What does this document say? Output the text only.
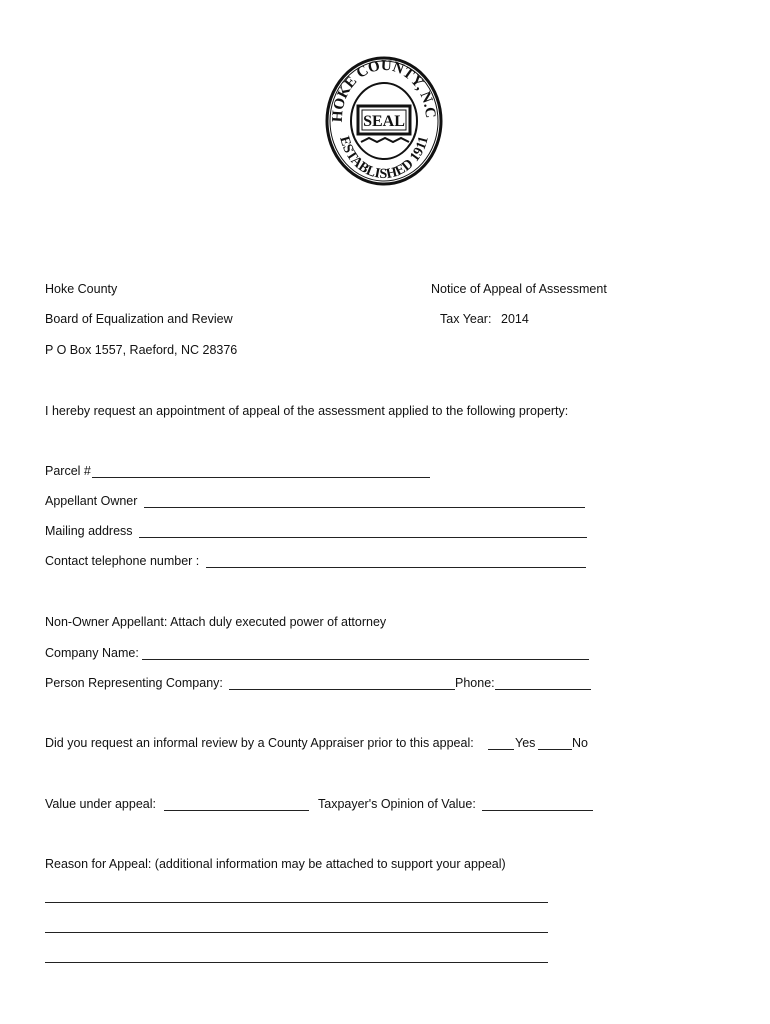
HOKE COUNTY, N.C
ESTABLISHED 1911
SEAL
Hoke County
Board of Equalization and Review
P O Box 1557, Raeford, NC 28376
Notice of Appeal of Assessment
Tax Year: 2014
I hereby request an appointment of appeal of the assessment applied to the following property:
Parcel #
Appellant Owner
Mailing address
Contact telephone number :
Non-Owner Appellant: Attach duly executed power of attorney
Company Name:
Person Representing Company:	Phone:
Did you request an informal review by a County Appraiser prior to this appeal:	Yes	No
Value under appeal:	Taxpayer's Opinion of Value:
Reason for Appeal: (additional information may be attached to support your appeal)
